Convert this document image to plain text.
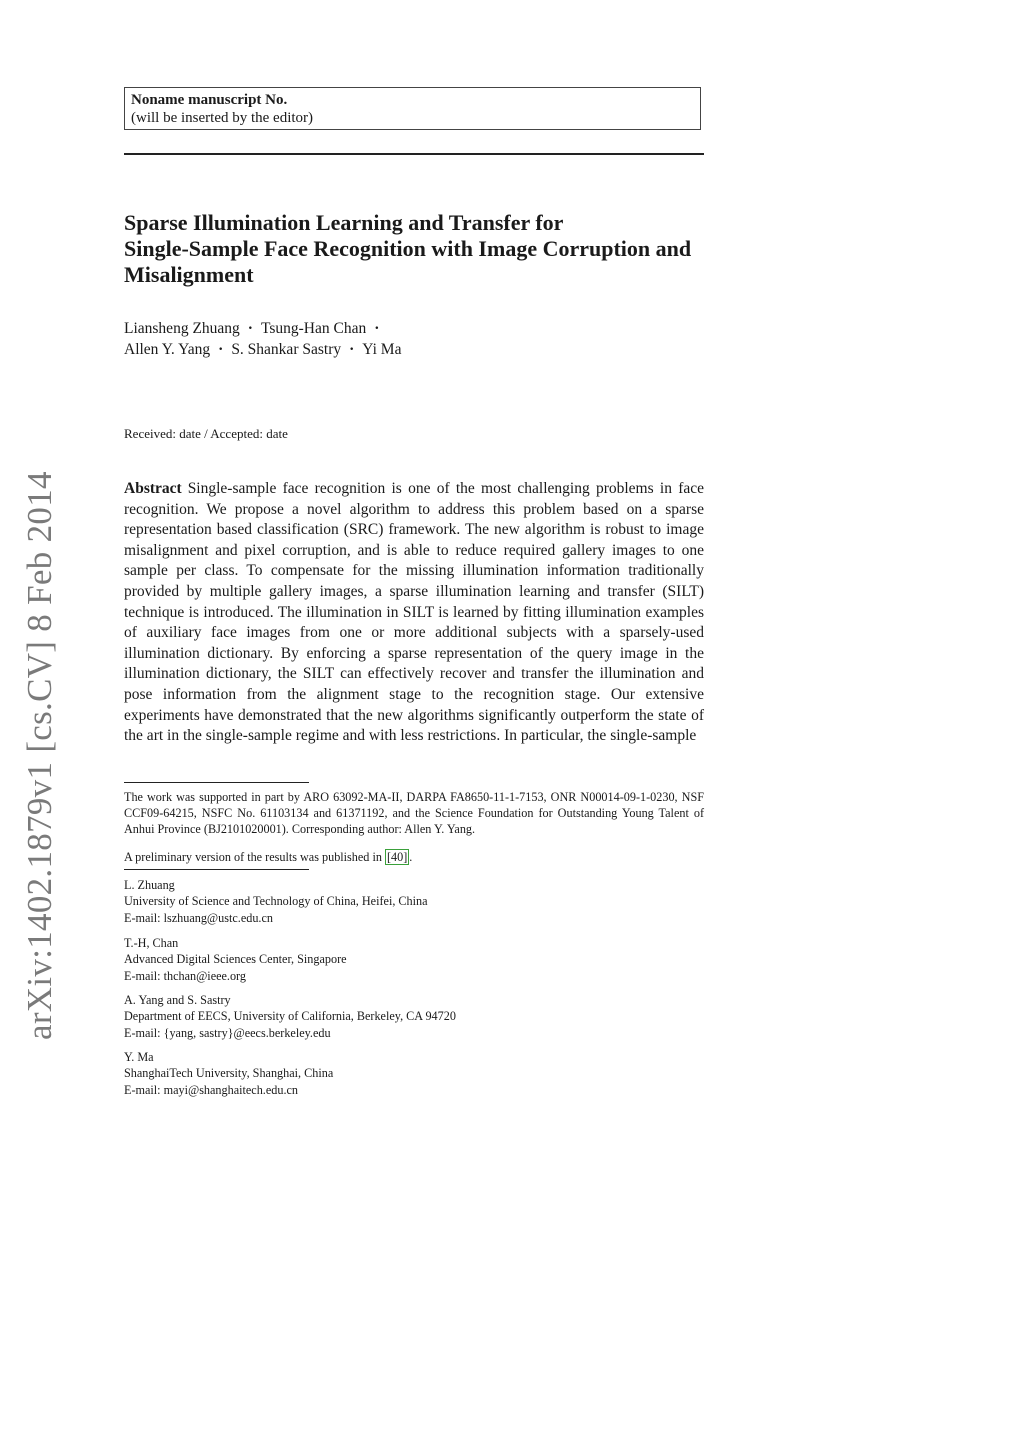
arXiv:1402.1879v1 [cs.CV] 8 Feb 2014
Noname manuscript No.
(will be inserted by the editor)
Sparse Illumination Learning and Transfer for
Single-Sample Face Recognition with Image Corruption and
Misalignment
Liansheng Zhuang · Tsung-Han Chan ·
Allen Y. Yang · S. Shankar Sastry · Yi Ma
Received: date / Accepted: date
Abstract Single-sample face recognition is one of the most challenging problems in face recognition. We propose a novel algorithm to address this problem based on a sparse representation based classification (SRC) framework. The new algorithm is robust to image misalignment and pixel corruption, and is able to reduce required gallery images to one sample per class. To compensate for the missing illumination information traditionally provided by multiple gallery images, a sparse illumination learning and transfer (SILT) technique is introduced. The illumination in SILT is learned by fitting illumination examples of auxiliary face images from one or more additional subjects with a sparsely-used illumination dictionary. By enforcing a sparse representation of the query image in the illumination dictionary, the SILT can effectively recover and transfer the illumination and pose information from the alignment stage to the recognition stage. Our extensive experiments have demonstrated that the new algorithms significantly outperform the state of the art in the single-sample regime and with less restrictions. In particular, the single-sample
The work was supported in part by ARO 63092-MA-II, DARPA FA8650-11-1-7153, ONR N00014-09-1-0230, NSF CCF09-64215, NSFC No. 61103134 and 61371192, and the Science Foundation for Outstanding Young Talent of Anhui Province (BJ2101020001). Corresponding author: Allen Y. Yang.
A preliminary version of the results was published in [40] .
L. Zhuang
University of Science and Technology of China, Heifei, China
E-mail: lszhuang@ustc.edu.cn
T.-H, Chan
Advanced Digital Sciences Center, Singapore
E-mail: thchan@ieee.org
A. Yang and S. Sastry
Department of EECS, University of California, Berkeley, CA 94720
E-mail: {yang, sastry}@eecs.berkeley.edu
Y. Ma
ShanghaiTech University, Shanghai, China
E-mail: mayi@shanghaitech.edu.cn
